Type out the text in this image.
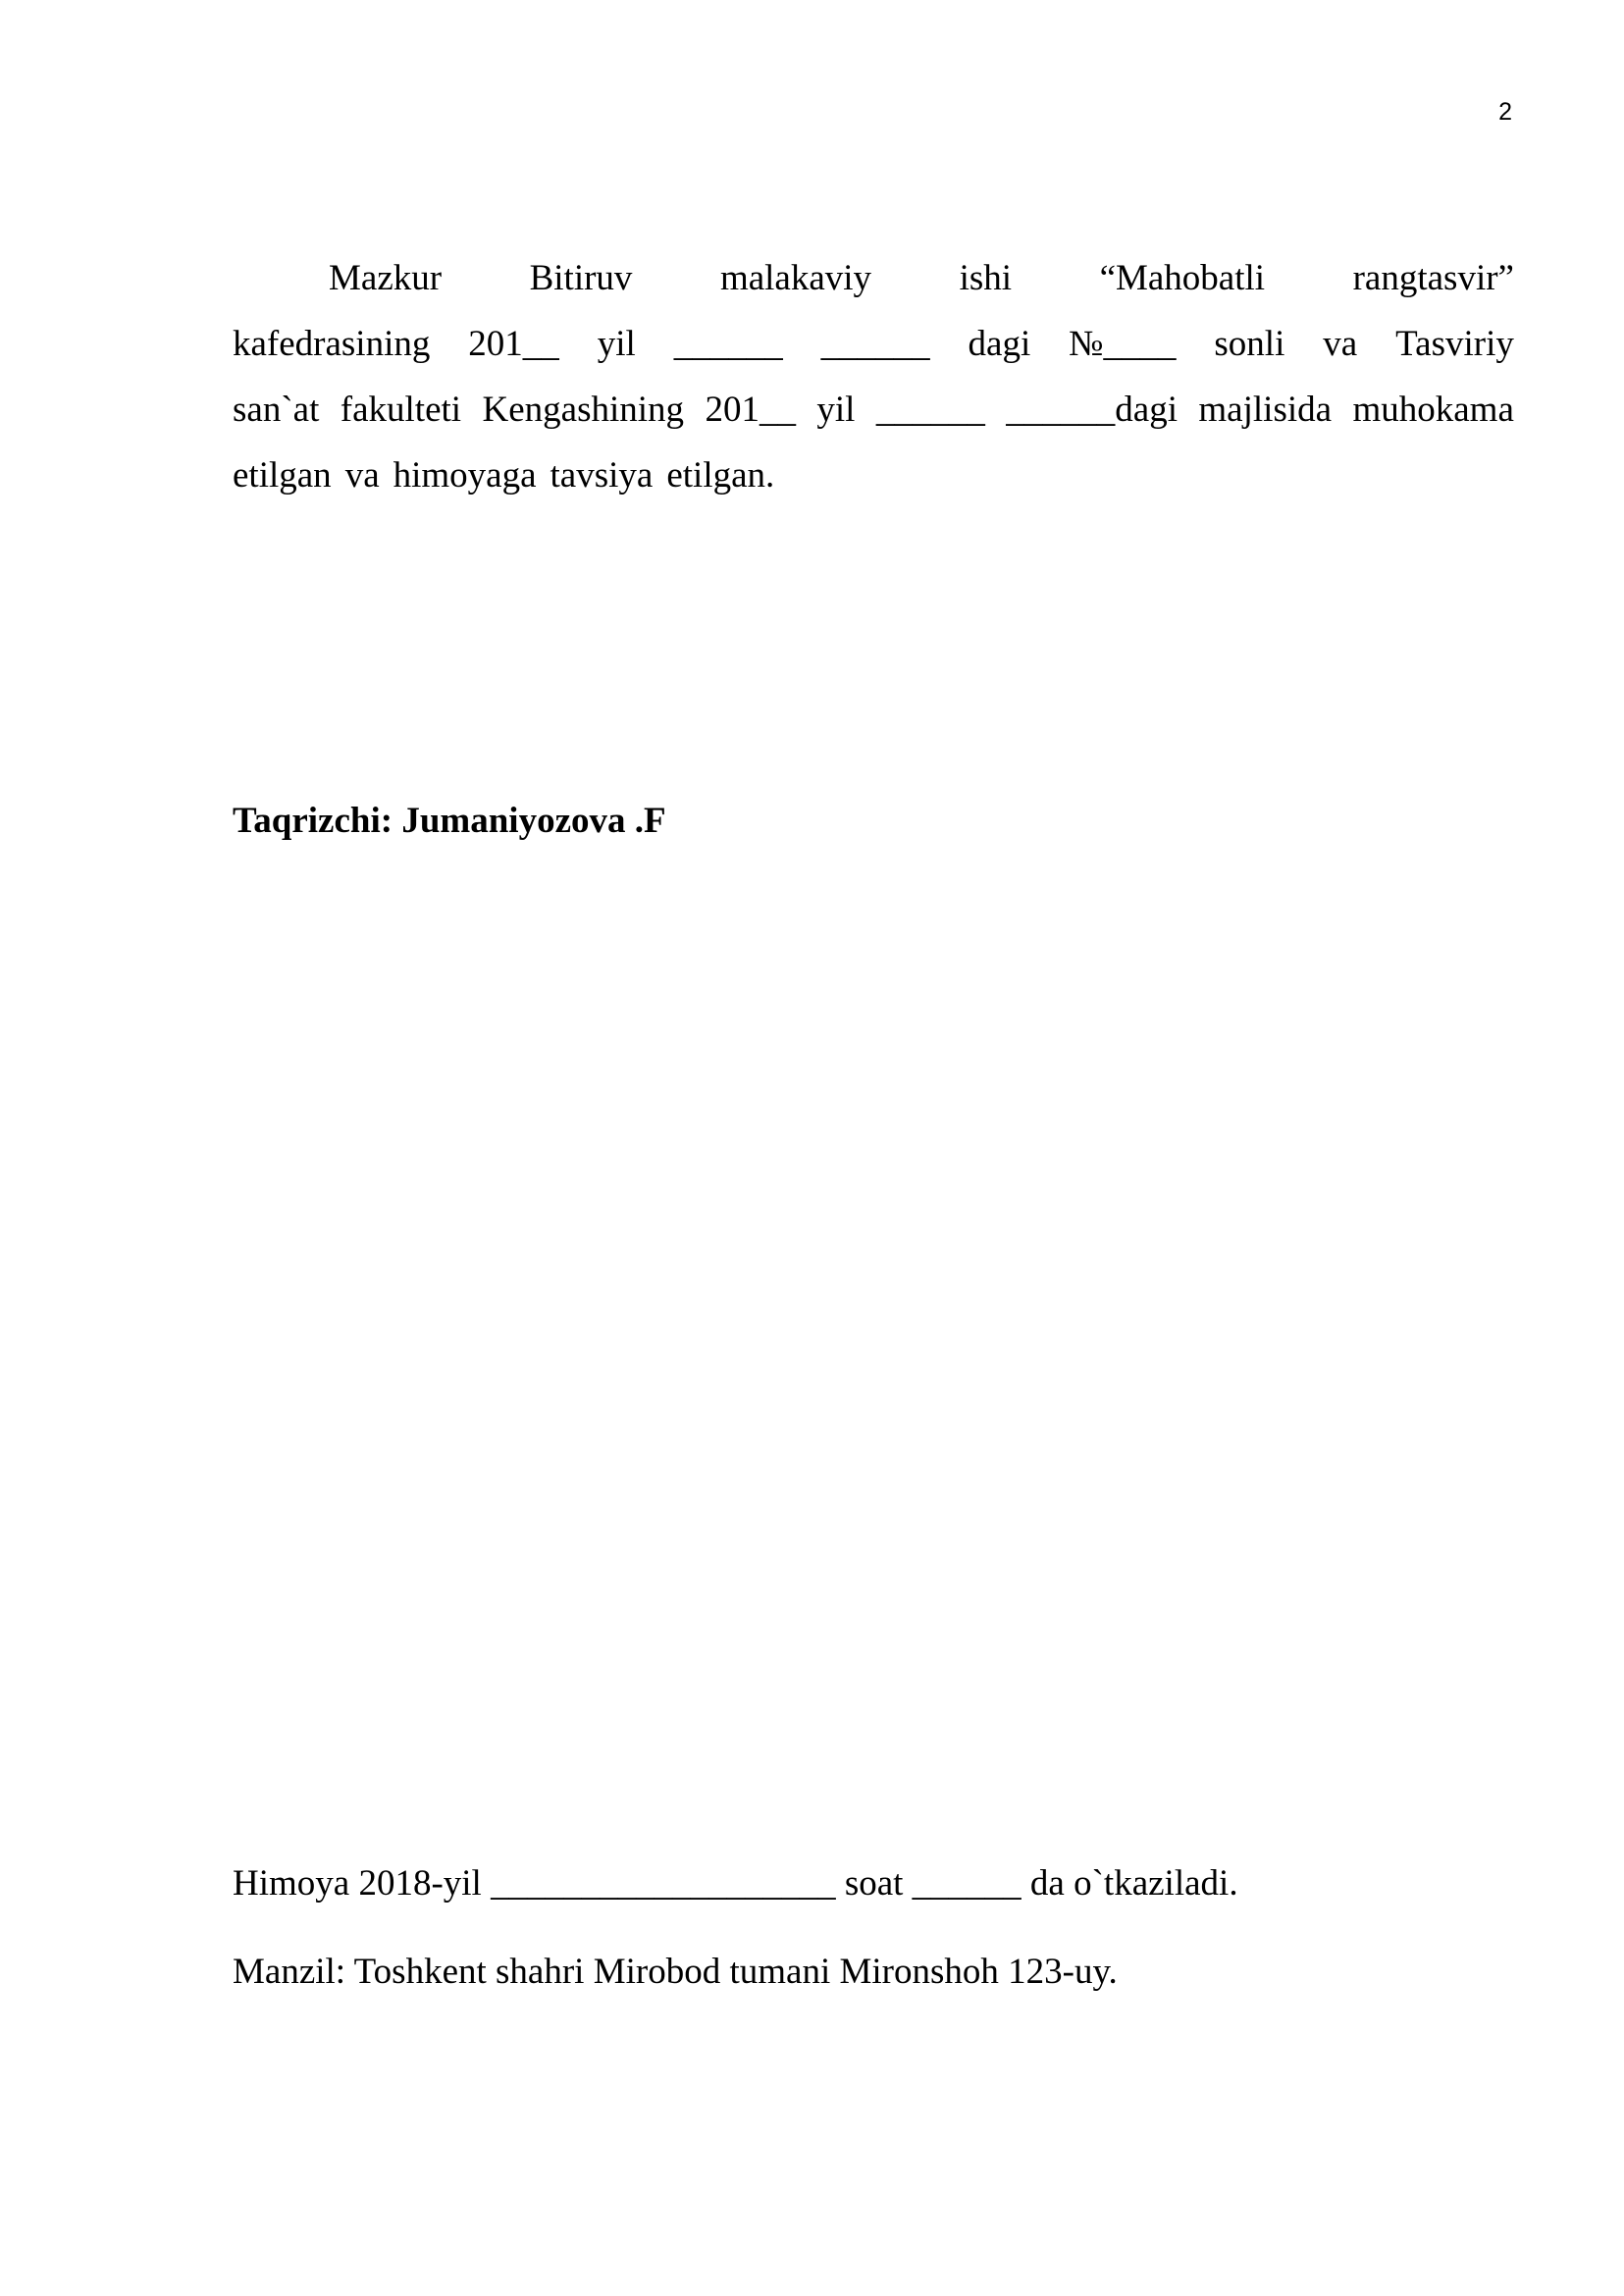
2
Mazkur Bitiruv malakaviy ishi “Mahobatli rangtasvir”
kafedrasining 201__ yil ______ ______ dagi №____ sonli va Tasviriy
san`at fakulteti Kengashining 201__ yil ______ ______dagi majlisida muhokama
etilgan va himoyaga tavsiya etilgan.
Taqrizchi: Jumaniyozova .F
Himoya 2018-yil ___________________ soat ______ da o`tkaziladi.
Manzil: Toshkent shahri Mirobod tumani Mironshoh 123-uy.
